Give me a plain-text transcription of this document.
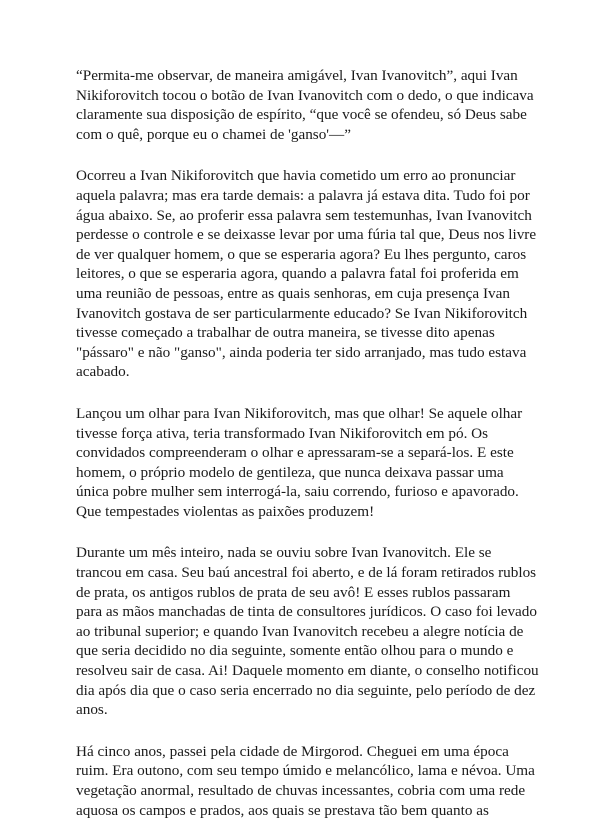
“Permita-me observar, de maneira amigável, Ivan Ivanovitch”, aqui Ivan
Nikiforovitch tocou o botão de Ivan Ivanovitch com o dedo, o que indicava
claramente sua disposição de espírito, “que você se ofendeu, só Deus sabe
com o quê, porque eu o chamei de 'ganso'—”

Ocorreu a Ivan Nikiforovitch que havia cometido um erro ao pronunciar
aquela palavra; mas era tarde demais: a palavra já estava dita. Tudo foi por
água abaixo. Se, ao proferir essa palavra sem testemunhas, Ivan Ivanovitch
perdesse o controle e se deixasse levar por uma fúria tal que, Deus nos livre
de ver qualquer homem, o que se esperaria agora? Eu lhes pergunto, caros
leitores, o que se esperaria agora, quando a palavra fatal foi proferida em
uma reunião de pessoas, entre as quais senhoras, em cuja presença Ivan
Ivanovitch gostava de ser particularmente educado? Se Ivan Nikiforovitch
tivesse começado a trabalhar de outra maneira, se tivesse dito apenas
"pássaro" e não "ganso", ainda poderia ter sido arranjado, mas tudo estava
acabado.

Lançou um olhar para Ivan Nikiforovitch, mas que olhar! Se aquele olhar
tivesse força ativa, teria transformado Ivan Nikiforovitch em pó. Os
convidados compreenderam o olhar e apressaram-se a separá-los. E este
homem, o próprio modelo de gentileza, que nunca deixava passar uma
única pobre mulher sem interrogá-la, saiu correndo, furioso e apavorado.
Que tempestades violentas as paixões produzem!

Durante um mês inteiro, nada se ouviu sobre Ivan Ivanovitch. Ele se
trancou em casa. Seu baú ancestral foi aberto, e de lá foram retirados rublos
de prata, os antigos rublos de prata de seu avô! E esses rublos passaram
para as mãos manchadas de tinta de consultores jurídicos. O caso foi levado
ao tribunal superior; e quando Ivan Ivanovitch recebeu a alegre notícia de
que seria decidido no dia seguinte, somente então olhou para o mundo e
resolveu sair de casa. Ai! Daquele momento em diante, o conselho notificou
dia após dia que o caso seria encerrado no dia seguinte, pelo período de dez
anos.

Há cinco anos, passei pela cidade de Mirgorod. Cheguei em uma época
ruim. Era outono, com seu tempo úmido e melancólico, lama e névoa. Uma
vegetação anormal, resultado de chuvas incessantes, cobria com uma rede
aquosa os campos e prados, aos quais se prestava tão bem quanto as
